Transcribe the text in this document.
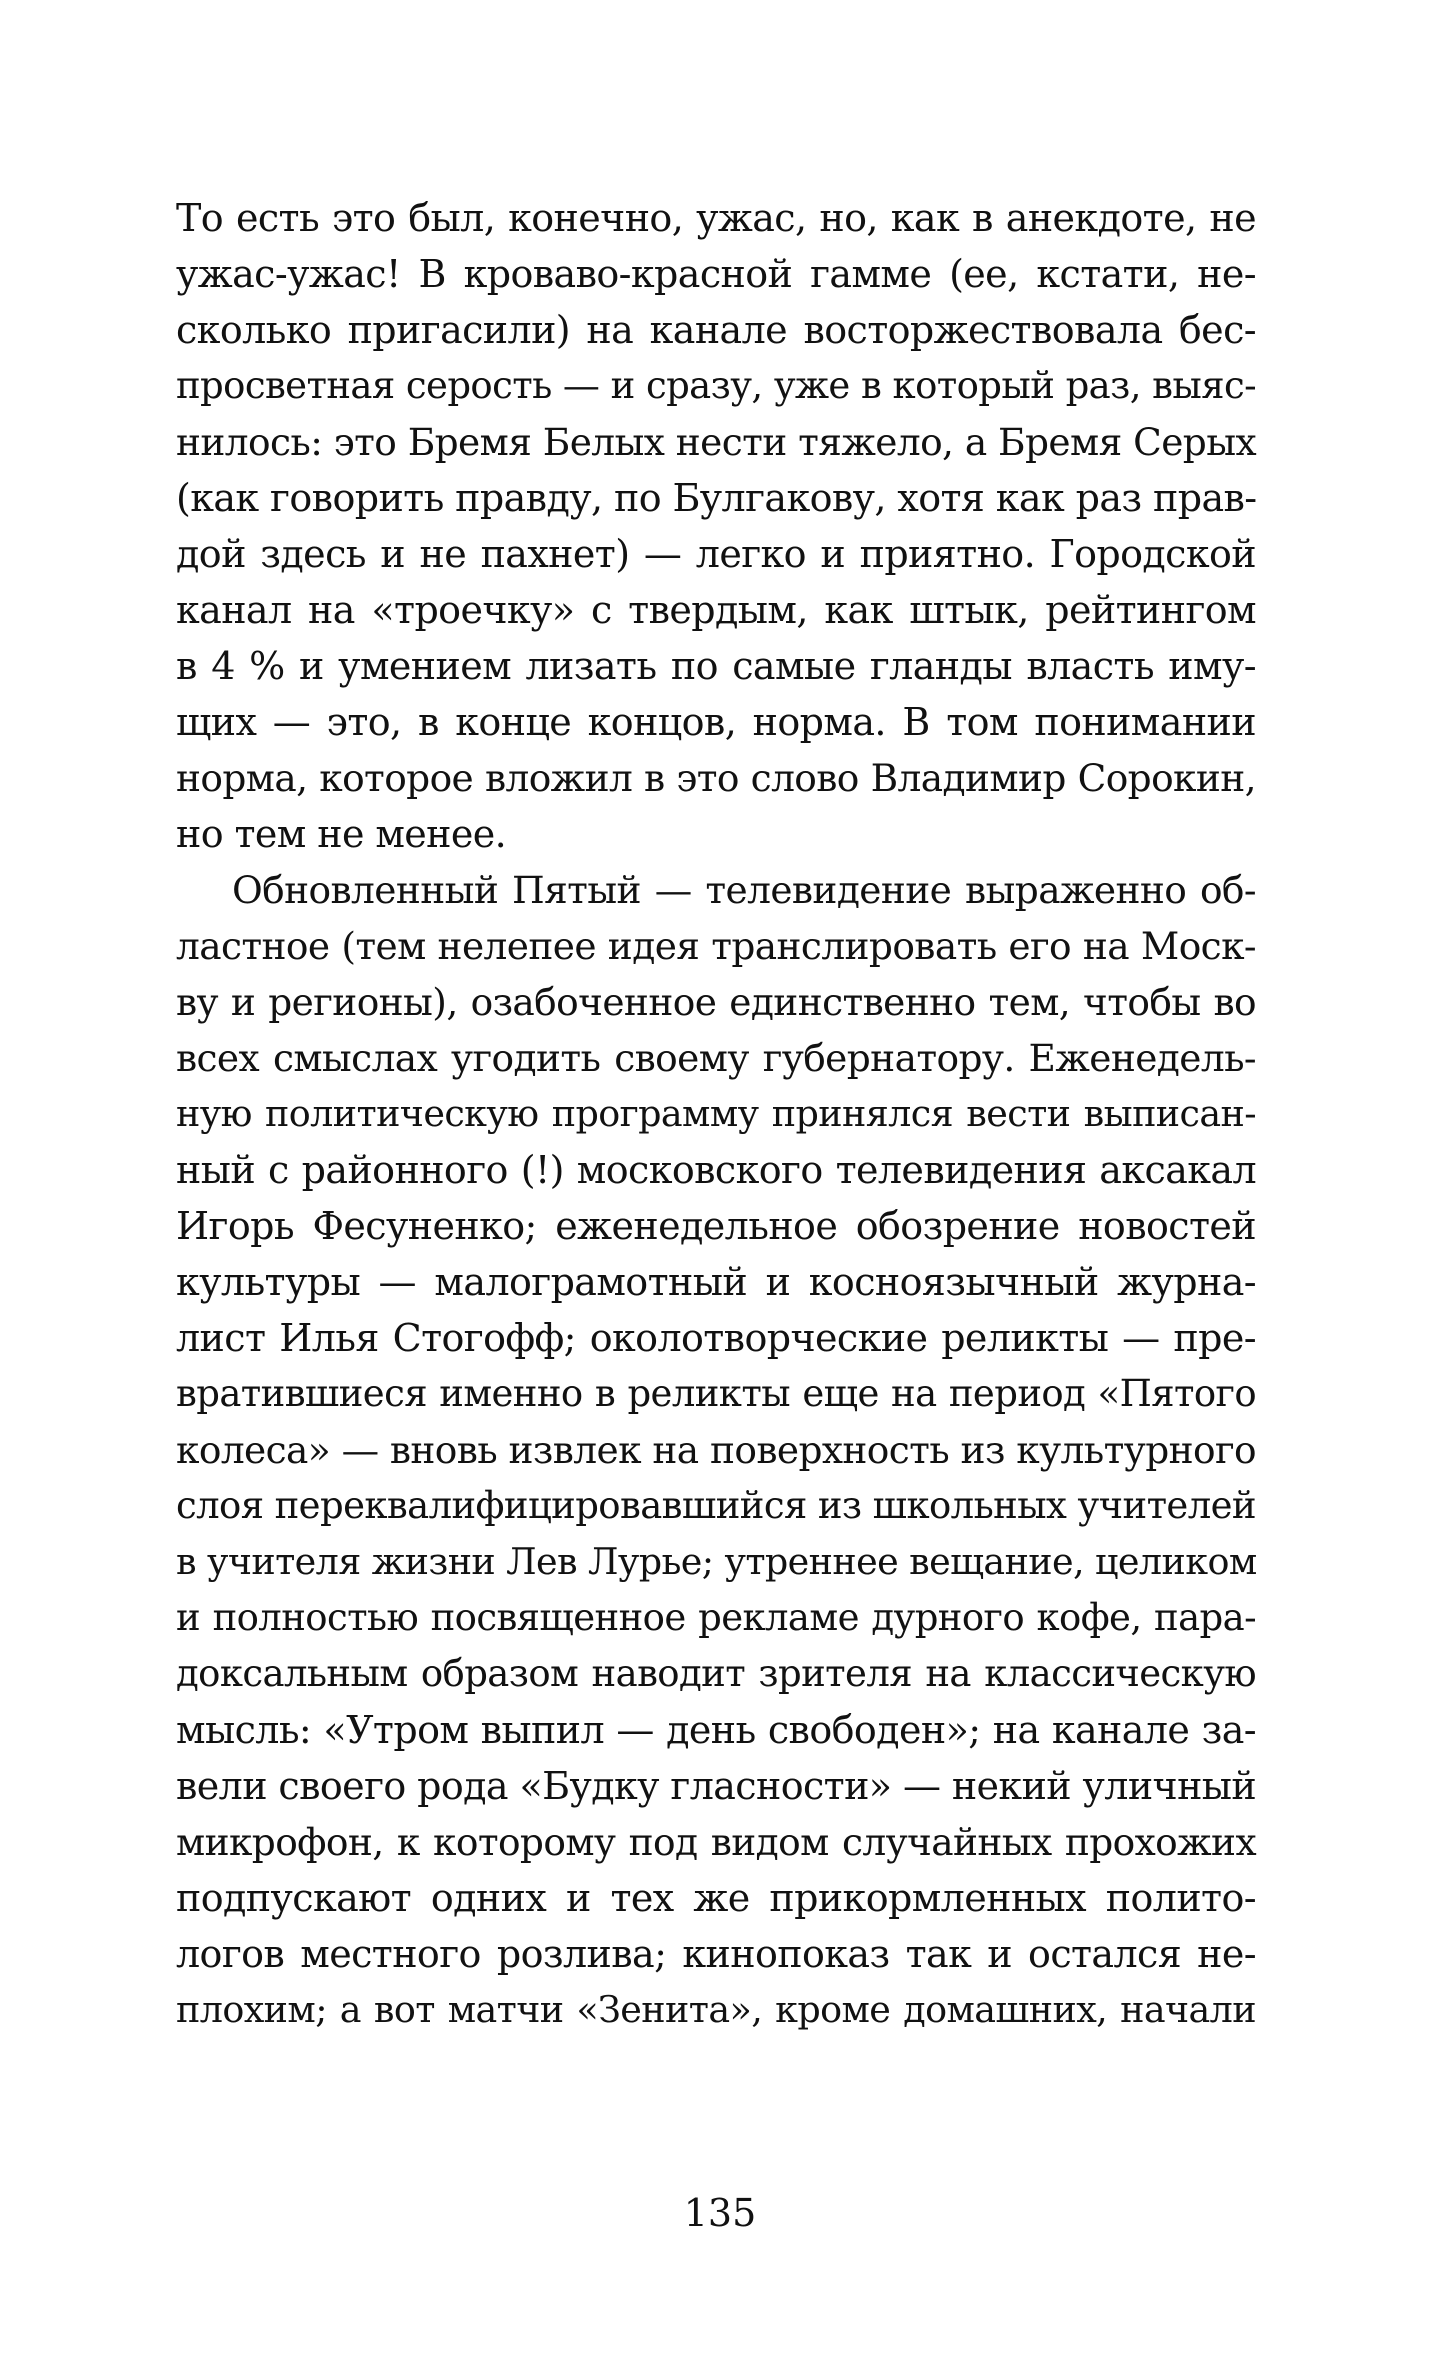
То есть это был, конечно, ужас, но, как в анекдоте, не
ужас-ужас! В кроваво-красной гамме (ее, кстати, не-
сколько пригасили) на канале восторжествовала бес-
просветная серость — и сразу, уже в который раз, выяс-
нилось: это Бремя Белых нести тяжело, а Бремя Серых
(как говорить правду, по Булгакову, хотя как раз прав-
дой здесь и не пахнет) — легко и приятно. Городской
канал на «троечку» с твердым, как штык, рейтингом
в 4 % и умением лизать по самые гланды власть иму-
щих — это, в конце концов, норма. В том понимании
норма, которое вложил в это слово Владимир Сорокин,
но тем не менее.
Обновленный Пятый — телевидение выраженно об-
ластное (тем нелепее идея транслировать его на Моск-
ву и регионы), озабоченное единственно тем, чтобы во
всех смыслах угодить своему губернатору. Еженедель-
ную политическую программу принялся вести выписан-
ный с районного (!) московского телевидения аксакал
Игорь Фесуненко; еженедельное обозрение новостей
культуры — малограмотный и косноязычный журна-
лист Илья Стогофф; околотворческие реликты — пре-
вратившиеся именно в реликты еще на период «Пятого
колеса» — вновь извлек на поверхность из культурного
слоя переквалифицировавшийся из школьных учителей
в учителя жизни Лев Лурье; утреннее вещание, целиком
и полностью посвященное рекламе дурного кофе, пара-
доксальным образом наводит зрителя на классическую
мысль: «Утром выпил — день свободен»; на канале за-
вели своего рода «Будку гласности» — некий уличный
микрофон, к которому под видом случайных прохожих
подпускают одних и тех же прикормленных полито-
логов местного розлива; кинопоказ так и остался не-
плохим; а вот матчи «Зенита», кроме домашних, начали
135
